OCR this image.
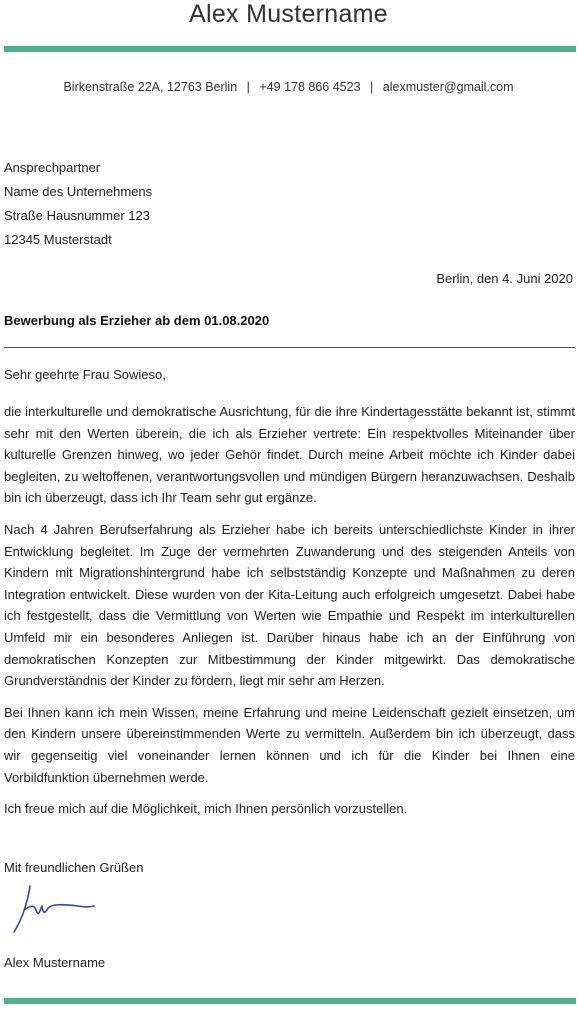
Alex Mustername
Birkenstraße 22A, 12763 Berlin | +49 178 866 4523 | alexmuster@gmail.com
Ansprechpartner
Name des Unternehmens
Straße Hausnummer 123
12345 Musterstadt
Berlin, den 4. Juni 2020
Bewerbung als Erzieher ab dem 01.08.2020
Sehr geehrte Frau Sowieso,

die interkulturelle und demokratische Ausrichtung, für die ihre Kindertagesstätte bekannt ist, stimmt sehr mit den Werten überein, die ich als Erzieher vertrete: Ein respektvolles Miteinander über kulturelle Grenzen hinweg, wo jeder Gehör findet. Durch meine Arbeit möchte ich Kinder dabei begleiten, zu weltoffenen, verantwortungsvollen und mündigen Bürgern heranzuwachsen. Deshalb bin ich überzeugt, dass ich Ihr Team sehr gut ergänze.

Nach 4 Jahren Berufserfahrung als Erzieher habe ich bereits unterschiedlichste Kinder in ihrer Entwicklung begleitet. Im Zuge der vermehrten Zuwanderung und des steigenden Anteils von Kindern mit Migrationshintergrund habe ich selbstständig Konzepte und Maßnahmen zu deren Integration entwickelt. Diese wurden von der Kita-Leitung auch erfolgreich umgesetzt. Dabei habe ich festgestellt, dass die Vermittlung von Werten wie Empathie und Respekt im interkulturellen Umfeld mir ein besonderes Anliegen ist. Darüber hinaus habe ich an der Einführung von demokratischen Konzepten zur Mitbestimmung der Kinder mitgewirkt. Das demokratische Grundverständnis der Kinder zu fördern, liegt mir sehr am Herzen.

Bei Ihnen kann ich mein Wissen, meine Erfahrung und meine Leidenschaft gezielt einsetzen, um den Kindern unsere übereinstimmenden Werte zu vermitteln. Außerdem bin ich überzeugt, dass wir gegenseitig viel voneinander lernen können und ich für die Kinder bei Ihnen eine Vorbildfunktion übernehmen werde.

Ich freue mich auf die Möglichkeit, mich Ihnen persönlich vorzustellen.

Mit freundlichen Grüßen
Alex Mustername
